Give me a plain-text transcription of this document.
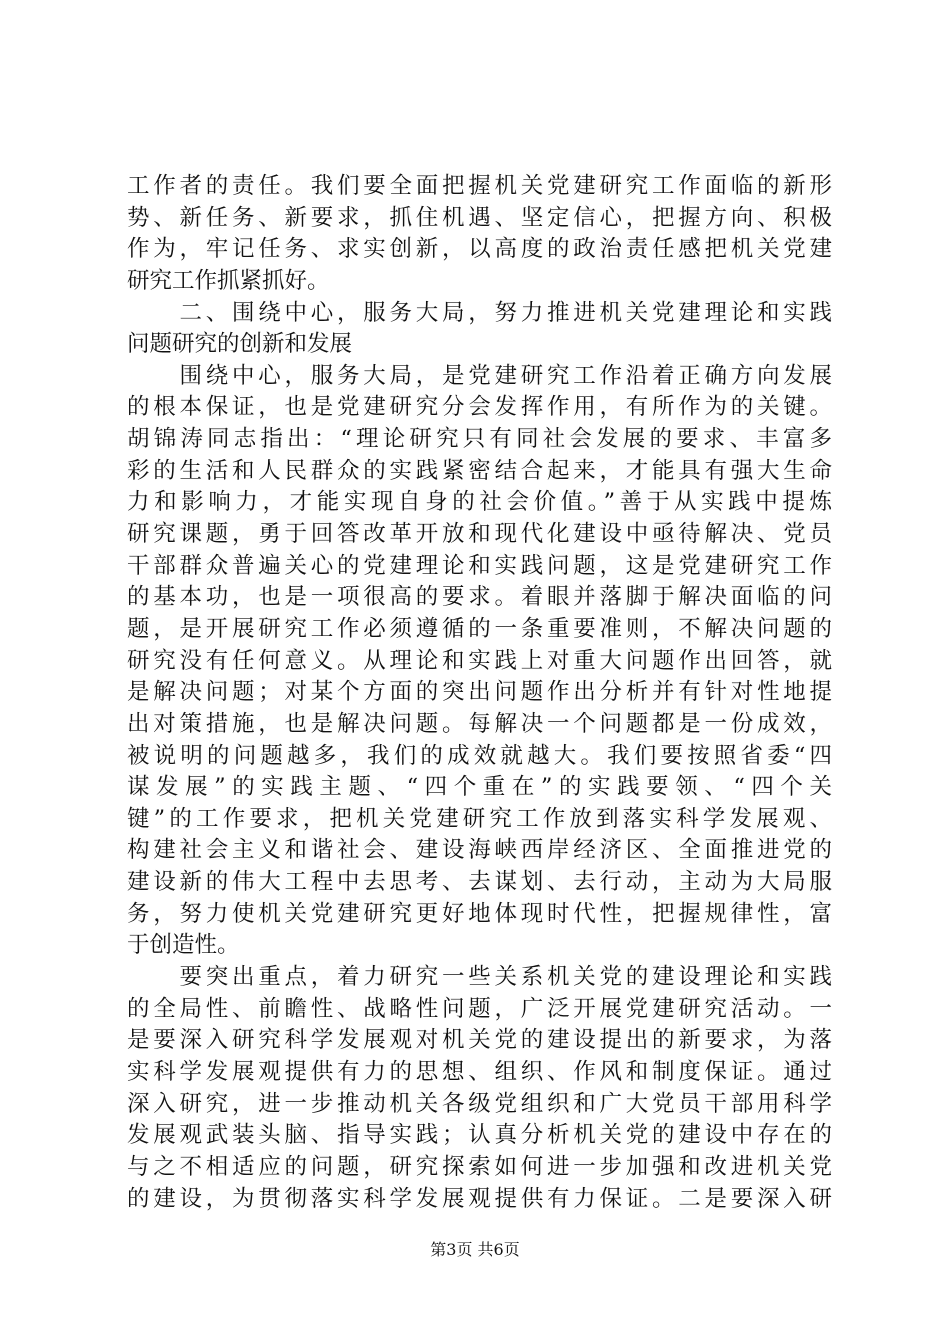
工作者的责任。我们要全面把握机关党建研究工作面临的新形
势、新任务、新要求，抓住机遇、坚定信心，把握方向、积极
作为，牢记任务、求实创新，以高度的政治责任感把机关党建
研究工作抓紧抓好。
　　二、围绕中心，服务大局，努力推进机关党建理论和实践
问题研究的创新和发展
　　围绕中心，服务大局，是党建研究工作沿着正确方向发展
的根本保证，也是党建研究分会发挥作用，有所作为的关键。
胡锦涛同志指出：“理论研究只有同社会发展的要求、丰富多
彩的生活和人民群众的实践紧密结合起来，才能具有强大生命
力和影响力，才能实现自身的社会价值。”善于从实践中提炼
研究课题，勇于回答改革开放和现代化建设中亟待解决、党员
干部群众普遍关心的党建理论和实践问题，这是党建研究工作
的基本功，也是一项很高的要求。着眼并落脚于解决面临的问
题，是开展研究工作必须遵循的一条重要准则，不解决问题的
研究没有任何意义。从理论和实践上对重大问题作出回答，就
是解决问题；对某个方面的突出问题作出分析并有针对性地提
出对策措施，也是解决问题。每解决一个问题都是一份成效，
被说明的问题越多，我们的成效就越大。我们要按照省委“四
谋发展”的实践主题、“四个重在”的实践要领、“四个关
键”的工作要求，把机关党建研究工作放到落实科学发展观、
构建社会主义和谐社会、建设海峡西岸经济区、全面推进党的
建设新的伟大工程中去思考、去谋划、去行动，主动为大局服
务，努力使机关党建研究更好地体现时代性，把握规律性，富
于创造性。
　　要突出重点，着力研究一些关系机关党的建设理论和实践
的全局性、前瞻性、战略性问题，广泛开展党建研究活动。一
是要深入研究科学发展观对机关党的建设提出的新要求，为落
实科学发展观提供有力的思想、组织、作风和制度保证。通过
深入研究，进一步推动机关各级党组织和广大党员干部用科学
发展观武装头脑、指导实践；认真分析机关党的建设中存在的
与之不相适应的问题，研究探索如何进一步加强和改进机关党
的建设，为贯彻落实科学发展观提供有力保证。二是要深入研
第3页 共6页
